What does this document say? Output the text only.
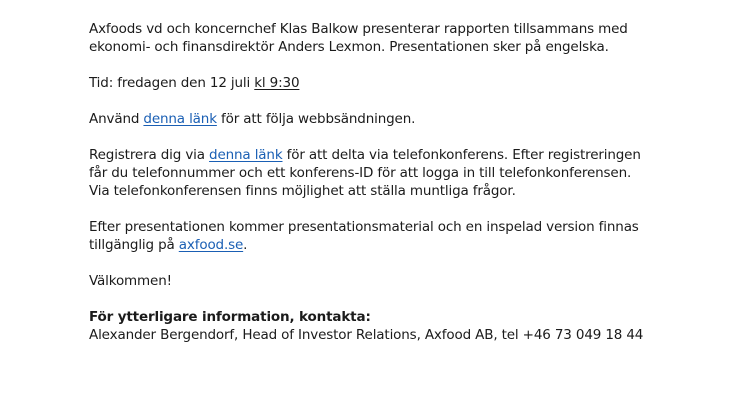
Axfoods vd och koncernchef Klas Balkow presenterar rapporten tillsammans med
ekonomi- och finansdirektör Anders Lexmon. Presentationen sker på engelska.
Tid: fredagen den 12 juli kl 9:30
Använd denna länk för att följa webbsändningen.
Registrera dig via denna länk för att delta via telefonkonferens. Efter registreringen
får du telefonnummer och ett konferens-ID för att logga in till telefonkonferensen.
Via telefonkonferensen finns möjlighet att ställa muntliga frågor.
Efter presentationen kommer presentationsmaterial och en inspelad version finnas
tillgänglig på axfood.se.
Välkommen!
För ytterligare information, kontakta:
Alexander Bergendorf, Head of Investor Relations, Axfood AB, tel +46 73 049 18 44
